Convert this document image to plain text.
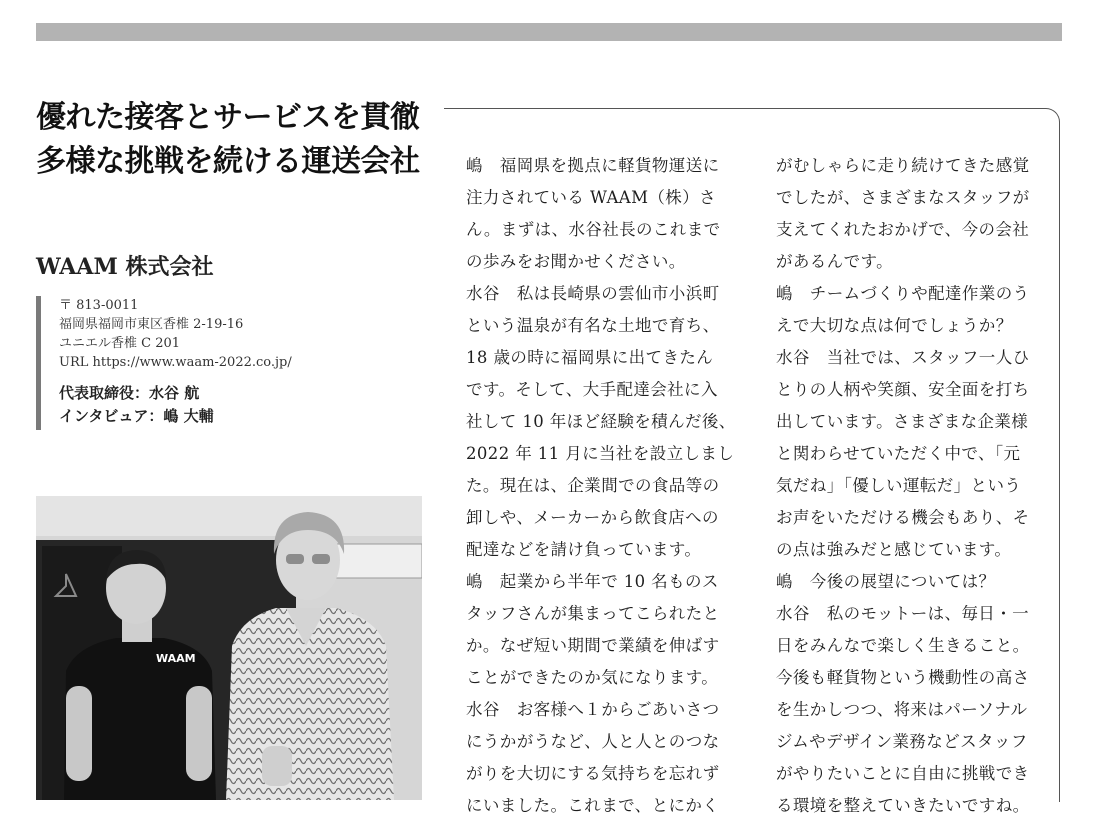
優れた接客とサービスを貫徹
多様な挑戦を続ける運送会社
WAAM 株式会社
〒 813-0011
福岡県福岡市東区香椎 2-19-16
ユニエル香椎 C 201
URL https://www.waam-2022.co.jp/
代表取締役：水谷 航
インタビュア：嶋 大輔
WAAM
嶋　福岡県を拠点に軽貨物運送に
注力されている WAAM（株）さ
ん。まずは、水谷社長のこれまで
の歩みをお聞かせください。
水谷　私は長崎県の雲仙市小浜町
という温泉が有名な土地で育ち、
18 歳の時に福岡県に出てきたん
です。そして、大手配達会社に入
社して 10 年ほど経験を積んだ後、
2022 年 11 月に当社を設立しまし
た。現在は、企業間での食品等の
卸しや、メーカーから飲食店への
配達などを請け負っています。
嶋　起業から半年で 10 名ものス
タッフさんが集まってこられたと
か。なぜ短い期間で業績を伸ばす
ことができたのか気になります。
水谷　お客様へ１からごあいさつ
にうかがうなど、人と人とのつな
がりを大切にする気持ちを忘れず
にいました。これまで、とにかく
がむしゃらに走り続けてきた感覚
でしたが、さまざまなスタッフが
支えてくれたおかげで、今の会社
があるんです。
嶋　チームづくりや配達作業のう
えで大切な点は何でしょうか？
水谷　当社では、スタッフ一人ひ
とりの人柄や笑顔、安全面を打ち
出しています。さまざまな企業様
と関わらせていただく中で、「元
気だね」「優しい運転だ」という
お声をいただける機会もあり、そ
の点は強みだと感じています。
嶋　今後の展望については？
水谷　私のモットーは、毎日・一
日をみんなで楽しく生きること。
今後も軽貨物という機動性の高さ
を生かしつつ、将来はパーソナル
ジムやデザイン業務などスタッフ
がやりたいことに自由に挑戦でき
る環境を整えていきたいですね。
